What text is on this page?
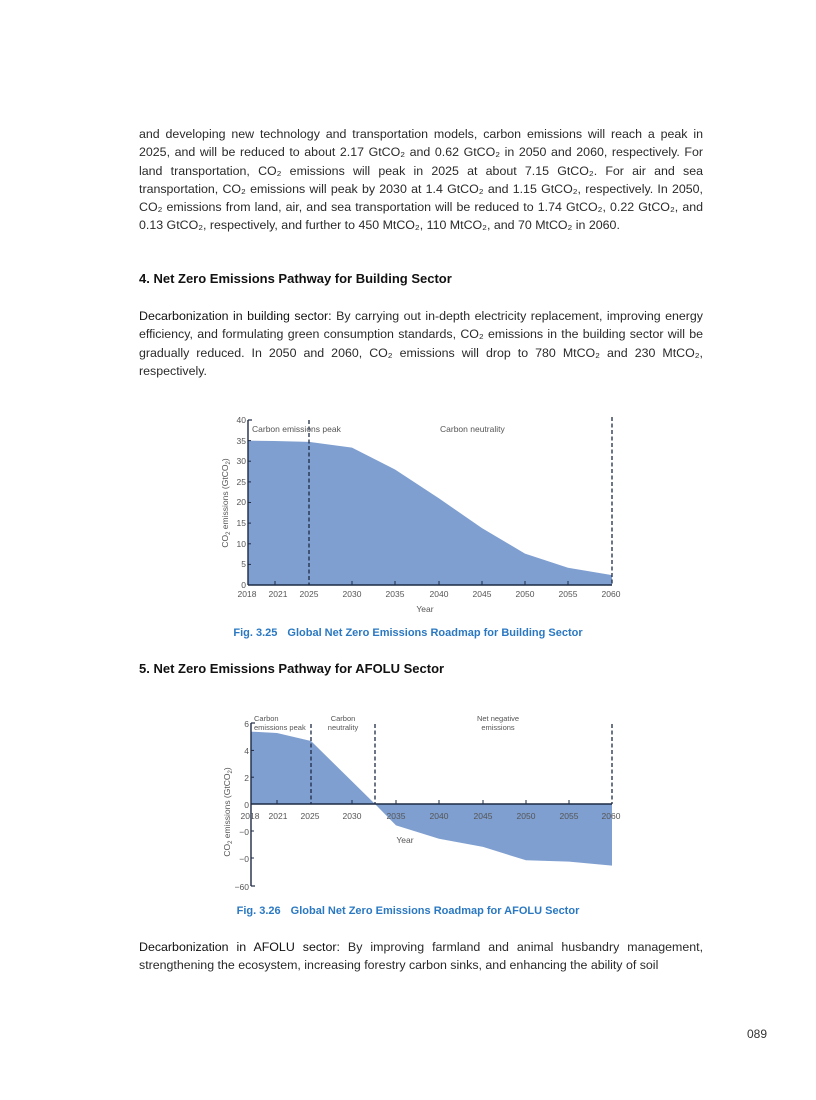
and developing new technology and transportation models, carbon emissions will reach a peak in 2025, and will be reduced to about 2.17 GtCO₂ and 0.62 GtCO₂ in 2050 and 2060, respectively. For land transportation, CO₂ emissions will peak in 2025 at about 7.15 GtCO₂. For air and sea transportation, CO₂ emissions will peak by 2030 at 1.4 GtCO₂ and 1.15 GtCO₂, respectively. In 2050, CO₂ emissions from land, air, and sea transportation will be reduced to 1.74 GtCO₂, 0.22 GtCO₂, and 0.13 GtCO₂, respectively, and further to 450 MtCO₂, 110 MtCO₂, and 70 MtCO₂ in 2060.

4. Net Zero Emissions Pathway for Building Sector

Decarbonization in building sector: By carrying out in-depth electricity replacement, improving energy efficiency, and formulating green consumption standards, CO₂ emissions in the building sector will be gradually reduced. In 2050 and 2060, CO₂ emissions will drop to 780 MtCO₂ and 230 MtCO₂, respectively.

0
5
10
15
20
25
30
35
40
2018 2021 2025	2030	2035	2040	2045	2050	2055	2060
Year
$CO_2$ emissions (GtCO$_2$)
Carbon emissions peak	Carbon neutrality
Fig. 3.25 Global Net Zero Emissions Roadmap for Building Sector
5. Net Zero Emissions Pathway for AFOLU Sector
6
4
2
0
−0
−0
−60
2018 2021 2025	2030	2035	2040	2045	2050	2055	2060
Year
$CO_2$ emissions (GtCO$_2$)
Carbon emissions peak
Carbon neutrality
Net negative emissions
Fig. 3.26 Global Net Zero Emissions Roadmap for AFOLU Sector

Decarbonization in AFOLU sector: By improving farmland and animal husbandry management, strengthening the ecosystem, increasing forestry carbon sinks, and enhancing the ability of soil

089
